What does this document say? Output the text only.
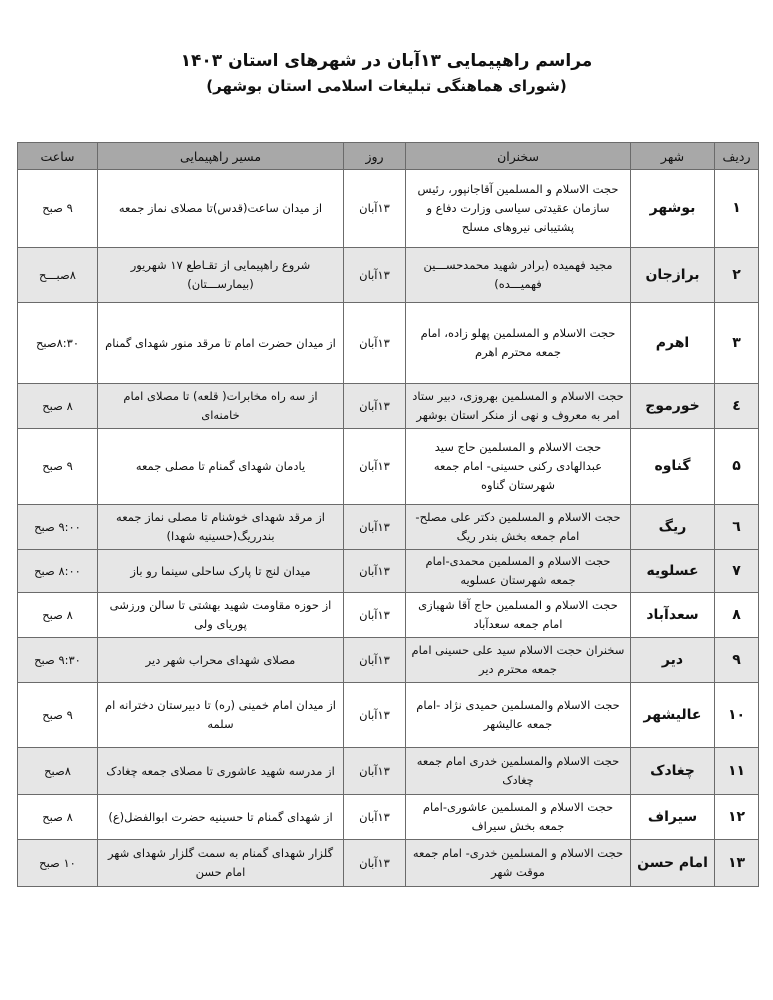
مراسم راهپیمایی ۱۳آبان در شهرهای استان ۱۴۰۳
(شورای هماهنگی تبلیغات اسلامی استان بوشهر)
ردیف	شهر	سخنران	روز	مسیر راهپیمایی	ساعت
۱	بوشهر	حجت الاسلام و المسلمین آقاجانپور، رئیس سازمان عقیدتی سیاسی وزارت دفاع و پشتیبانی نیروهای مسلح	۱۳آبان	از میدان ساعت(قدس)تا مصلای نماز جمعه	۹ صبح
۲	برازجان	مجید فهمیده (برادر شهید محمدحســـین فهمیـــده)	۱۳آبان	شروع راهپیمایی از تقـاطع ۱۷ شهریور (بیمارســـتان)	۸صبـــح
۳	اهرم	حجت الاسلام و المسلمین پهلو زاده، امام جمعه محترم اهرم	۱۳آبان	از میدان حضرت امام تا مرقد منور شهدای گمنام	۸:۳۰صبح
٤	خورموج	حجت الاسلام و المسلمین بهروزی، دبیر ستاد امر به معروف و نهی از منکر استان بوشهر	۱۳آبان	از سه راه مخابرات( قلعه) تا مصلای امام خامنه‌ای	۸ صبح
۵	گناوه	حجت الاسلام و المسلمین حاج سید عبدالهادی رکنی حسینی- امام جمعه شهرستان گناوه	۱۳آبان	یادمان شهدای گمنام تا مصلی جمعه	۹ صبح
٦	ریگ	حجت الاسلام و المسلمین دکتر علی مصلح-امام جمعه بخش بندر ریگ	۱۳آبان	از مرقد شهدای خوشنام تا مصلی نماز جمعه بندرریگ(حسینیه شهدا)	۹:۰۰ صبح
۷	عسلویه	حجت الاسلام و المسلمین محمدی-امام جمعه شهرستان عسلویه	۱۳آبان	میدان لنج تا پارک ساحلی سینما رو باز	۸:۰۰ صبح
۸	سعدآباد	حجت الاسلام و المسلمین حاج آقا شهبازی امام جمعه سعدآباد	۱۳آبان	از حوزه مقاومت شهید بهشتی تا سالن ورزشی پوریای ولی	۸ صبح
۹	دیر	سخنران حجت الاسلام سید علی حسینی امام جمعه محترم دیر	۱۳آبان	مصلای شهدای محراب شهر دیر	۹:۳۰ صبح
۱۰	عالیشهر	حجت الاسلام والمسلمین حمیدی نژاد -امام جمعه عالیشهر	۱۳آبان	از میدان امام خمینی (ره) تا دبیرستان دخترانه ام سلمه	۹ صبح
۱۱	چغادک	حجت الاسلام والمسلمین خدری امام جمعه چغادک	۱۳آبان	از مدرسه شهید عاشوری تا مصلای جمعه چغادک	۸صبح
۱۲	سیراف	حجت الاسلام و المسلمین عاشوری-امام جمعه بخش سیراف	۱۳آبان	از شهدای گمنام تا حسینیه حضرت ابوالفضل(ع)	۸ صبح
۱۳	امام حسن	حجت الاسلام و المسلمین خدری- امام جمعه موقت شهر	۱۳آبان	گلزار شهدای گمنام به سمت گلزار شهدای شهر امام حسن	۱۰ صبح
